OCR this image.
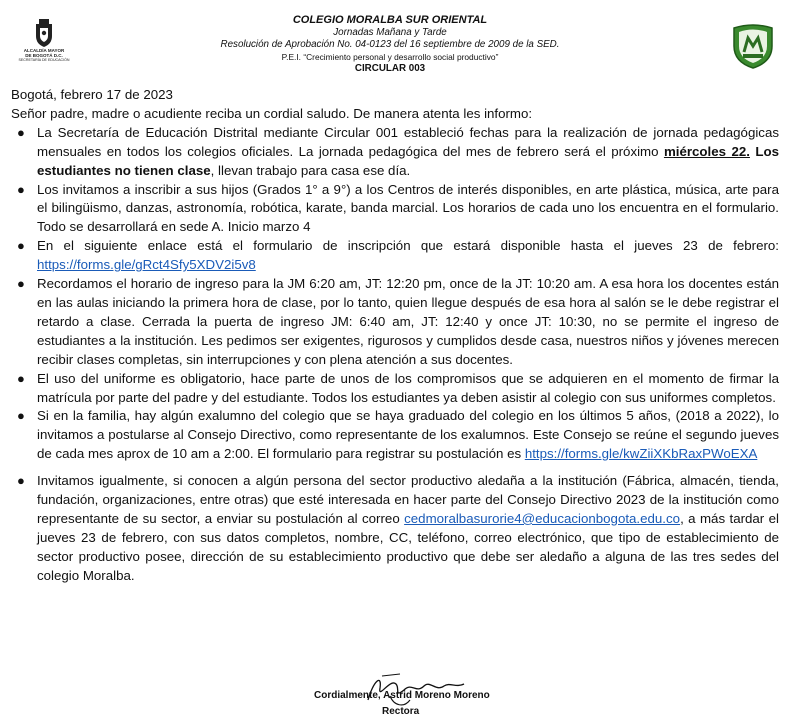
ALCALDÍA MAYOR
DE BOGOTÁ D.C.
SECRETARÍA DE EDUCACIÓN
COLEGIO MORALBA SUR ORIENTAL
Jornadas Mañana y Tarde
Resolución de Aprobación No. 04-0123 del 16 septiembre de 2009 de la SED.
P.E.I. “Crecimiento personal y desarrollo social productivo”
CIRCULAR 003

Bogotá, febrero 17 de 2023

Señor padre, madre o acudiente reciba un cordial saludo. De manera atenta les informo:

● La Secretaría de Educación Distrital mediante Circular 001 estableció fechas para la realización de jornada pedagógicas mensuales en todos los colegios oficiales. La jornada pedagógica del mes de febrero será el próximo miércoles 22. Los estudiantes no tienen clase, llevan trabajo para casa ese día.
● Los invitamos a inscribir a sus hijos (Grados 1° a 9°) a los Centros de interés disponibles, en arte plástica, música, arte para el bilingüismo, danzas, astronomía, robótica, karate, banda marcial. Los horarios de cada uno los encuentra en el formulario. Todo se desarrollará en sede A. Inicio marzo 4
● En el siguiente enlace está el formulario de inscripción que estará disponible hasta el jueves 23 de febrero: https://forms.gle/gRct4Sfy5XDV2i5v8
● Recordamos el horario de ingreso para la JM 6:20 am, JT: 12:20 pm, once de la JT: 10:20 am. A esa hora los docentes están en las aulas iniciando la primera hora de clase, por lo tanto, quien llegue después de esa hora al salón se le debe registrar el retardo a clase. Cerrada la puerta de ingreso JM: 6:40 am, JT: 12:40 y once JT: 10:30, no se permite el ingreso de estudiantes a la institución. Les pedimos ser exigentes, rigurosos y cumplidos desde casa, nuestros niños y jóvenes merecen recibir clases completas, sin interrupciones y con plena atención a sus docentes.
● El uso del uniforme es obligatorio, hace parte de unos de los compromisos que se adquieren en el momento de firmar la matrícula por parte del padre y del estudiante. Todos los estudiantes ya deben asistir al colegio con sus uniformes completos.
● Si en la familia, hay algún exalumno del colegio que se haya graduado del colegio en los últimos 5 años, (2018 a 2022), lo invitamos a postularse al Consejo Directivo, como representante de los exalumnos. Este Consejo se reúne el segundo jueves de cada mes aprox de 10 am a 2:00. El formulario para registrar su postulación es https://forms.gle/kwZiiXKbRaxPWoEXA
● Invitamos igualmente, si conocen a algún persona del sector productivo aledaña a la institución (Fábrica, almacén, tienda, fundación, organizaciones, entre otras) que esté interesada en hacer parte del Consejo Directivo 2023 de la institución como representante de su sector, a enviar su postulación al correo cedmoralbasurorie4@educacionbogota.edu.co, a más tardar el jueves 23 de febrero, con sus datos completos, nombre, CC, teléfono, correo electrónico, que tipo de establecimiento de sector productivo posee, dirección de su establecimiento productivo que debe ser aledaño a alguna de las tres sedes del colegio Moralba.
Cordialmente, Astrid Moreno Moreno
Rectora
